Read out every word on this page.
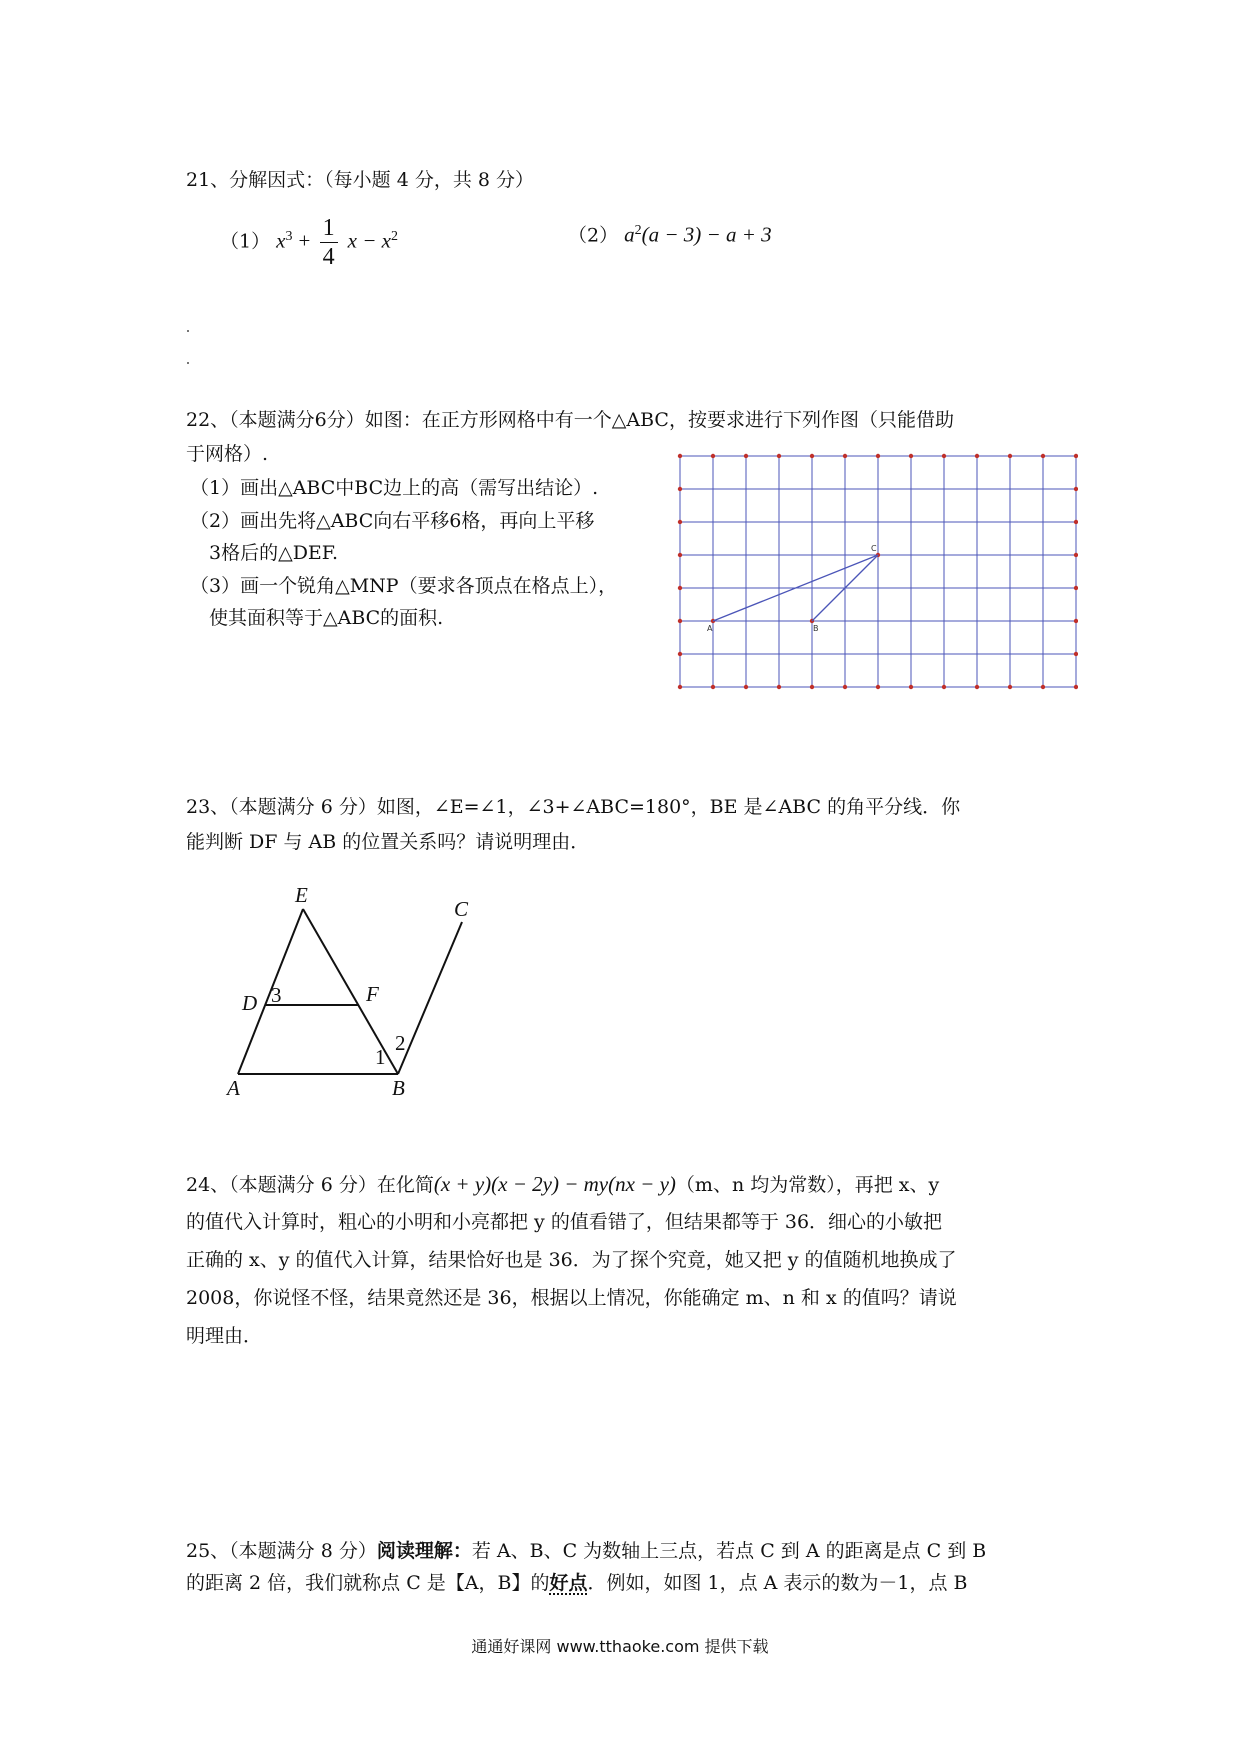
21、分解因式：（每小题 4 分，共 8 分）
（1） $x^3 + \frac{1}{4}$ $x - x^2$	（2） $a^2(a - 3) - a + 3$
22、（本题满分6分）如图：在正方形网格中有一个△ABC，按要求进行下列作图（只能借助
于网格）.
（1）画出△ABC中BC边上的高（需写出结论）.
（2）画出先将△ABC向右平移6格，再向上平移
3格后的△DEF.
（3）画一个锐角△MNP（要求各顶点在格点上），
使其面积等于△ABC的面积.	A	B
C
23、（本题满分 6 分）如图，∠E=∠1，∠3+∠ABC=180°，BE 是∠ABC 的角平分线．你
能判断 DF 与 AB 的位置关系吗？请说明理由．
E
C
D 3	F
1
2
A	B
24、（本题满分 6 分）在化简(x + y)(x − 2y) − my(nx − y)（m、n 均为常数），再把 x、y
的值代入计算时，粗心的小明和小亮都把 y 的值看错了，但结果都等于 36．细心的小敏把
正确的 x、y 的值代入计算，结果恰好也是 36．为了探个究竟，她又把 y 的值随机地换成了
2008，你说怪不怪，结果竟然还是 36，根据以上情况，你能确定 m、n 和 x 的值吗？请说
明理由．
25、（本题满分 8 分）阅读理解：若 A、B、C 为数轴上三点，若点 C 到 A 的距离是点 C 到 B
的距离 2 倍，我们就称点 C 是【A，B】的好点．例如，如图 1，点 A 表示的数为－1，点 B
通通好课网 www.tthaoke.com 提供下载
